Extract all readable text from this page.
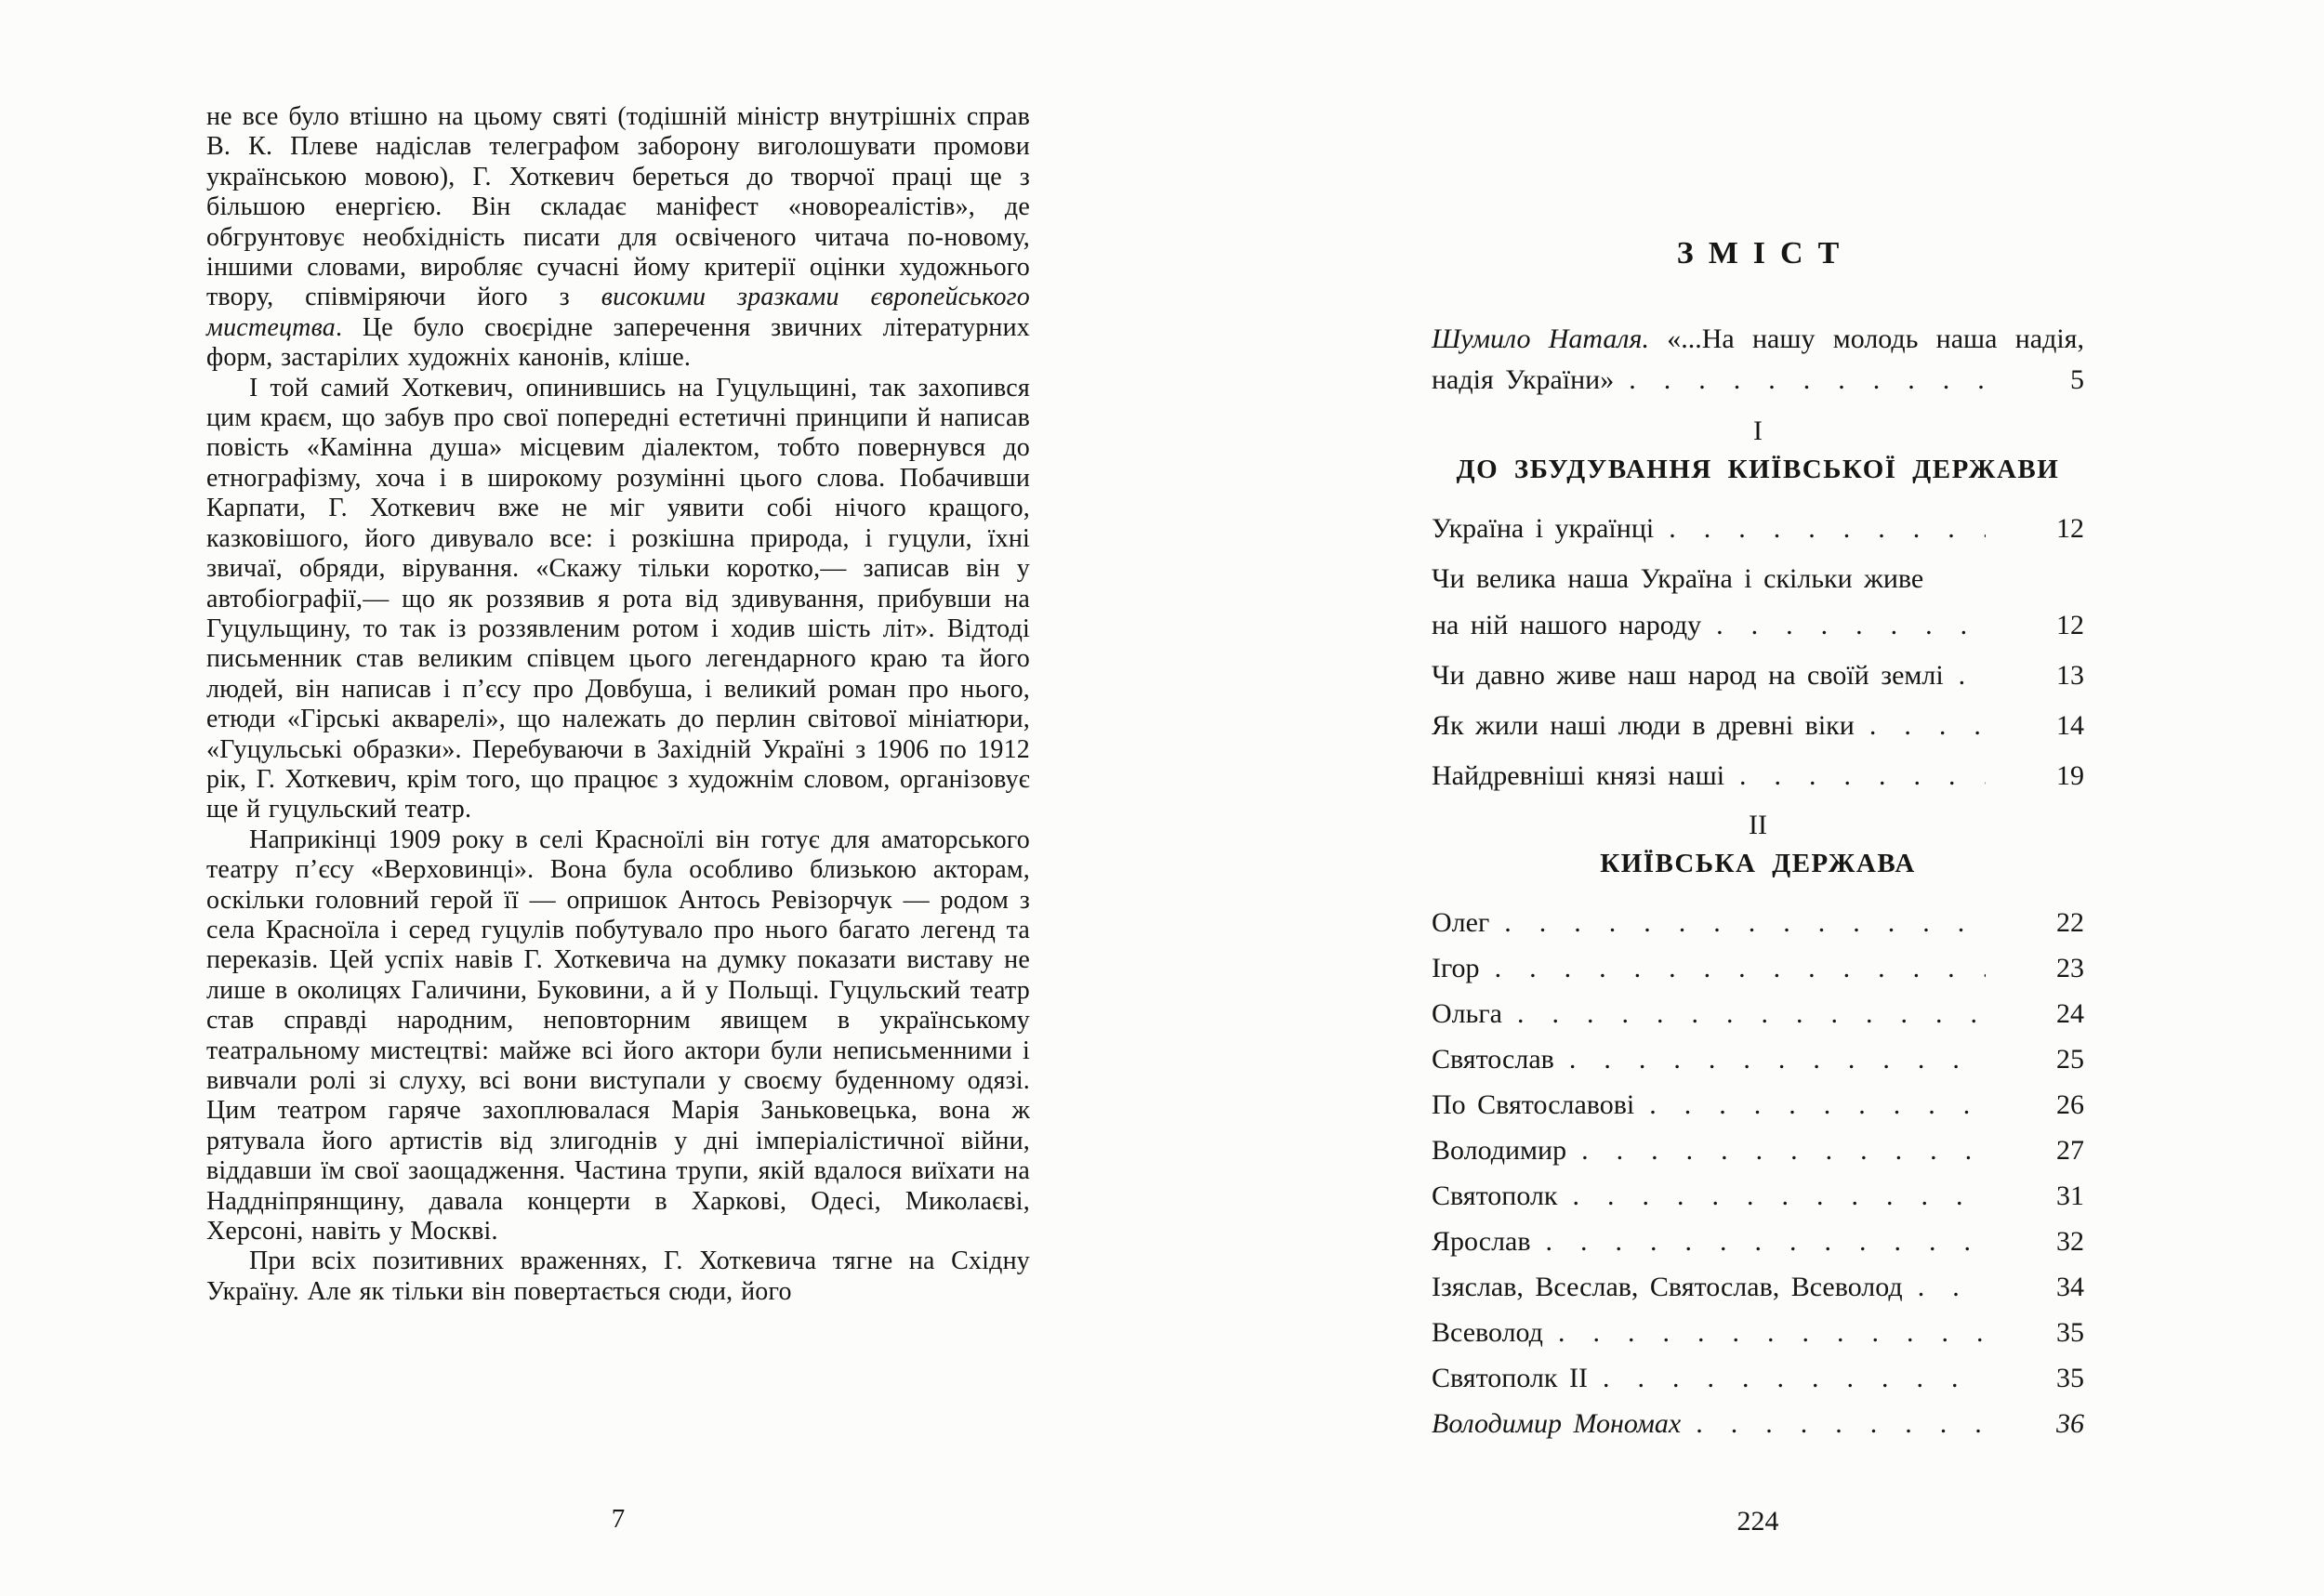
не все було втішно на цьому святі (тодішній міністр внутрішніх справ В. К. Плеве надіслав телеграфом заборону виголошувати промови українською мовою), Г. Хоткевич береться до творчої праці ще з більшою енергією. Він складає маніфест «новореалістів», де обгрунтовує необхідність писати для освіченого читача по-новому, іншими словами, виробляє сучасні йому критерії оцінки художнього твору, співміряючи його з високими зразками європейського мистецтва. Це було своєрідне заперечення звичних літературних форм, застарілих художніх канонів, кліше.

І той самий Хоткевич, опинившись на Гуцульщині, так захопився цим краєм, що забув про свої попередні естетичні принципи й написав повість «Камінна душа» місцевим діалектом, тобто повернувся до етнографізму, хоча і в широкому розумінні цього слова. Побачивши Карпати, Г. Хоткевич вже не міг уявити собі нічого кращого, казковішого, його дивувало все: і розкішна природа, і гуцули, їхні звичаї, обряди, вірування. «Скажу тільки коротко,— записав він у автобіографії,— що як роззявив я рота від здивування, прибувши на Гуцульщину, то так із роззявленим ротом і ходив шість літ». Відтоді письменник став великим співцем цього легендарного краю та його людей, він написав і п’єсу про Довбуша, і великий роман про нього, етюди «Гірські акварелі», що належать до перлин світової мініатюри, «Гуцульські образки». Перебуваючи в Західній Україні з 1906 по 1912 рік, Г. Хоткевич, крім того, що працює з художнім словом, організовує ще й гуцульский театр.

Наприкінці 1909 року в селі Красноїлі він готує для аматорського театру п’єсу «Верховинці». Вона була особливо близькою акторам, оскільки головний герой її — опришок Антось Ревізорчук — родом з села Красноїла і серед гуцулів побутувало про нього багато легенд та переказів. Цей успіх навів Г. Хоткевича на думку показати виставу не лише в околицях Галичини, Буковини, а й у Польщі. Гуцульский театр став справді народним, неповторним явищем в українському театральному мистецтві: майже всі його актори були неписьменними і вивчали ролі зі слуху, всі вони виступали у своєму буденному одязі. Цим театром гаряче захоплювалася Марія Заньковецька, вона ж рятувала його артистів від злигоднів у дні імперіалістичної війни, віддавши їм свої заощадження. Частина трупи, якій вдалося виїхати на Наддніпрянщину, давала концерти в Харкові, Одесі, Миколаєві, Херсоні, навіть у Москві.

При всіх позитивних враженнях, Г. Хоткевича тягне на Східну Україну. Але як тільки він повертається сюди, його

7
ЗМІСТ
Шумило Наталя. «...На нашу молодь наша надія,
надія України» .....	5
І
ДО ЗБУДУВАННЯ КИЇВСЬКОЇ ДЕРЖАВИ
Україна і українці .....	12
Чи велика наша Україна і скільки живе
на ній нашого народу .....	12
Чи давно живе наш народ на своїй землі .....	13
Як жили наші люди в древні віки .....	14
Найдревніші князі наші .....	19
ІІ
КИЇВСЬКА ДЕРЖАВА
Олег .....	22
Ігор .....	23
Ольга .....	24
Святослав .....	25
По Святославові .....	26
Володимир .....	27
Святополк .....	31
Ярослав .....	32
Ізяслав, Всеслав, Святослав, Всеволод .....	34
Всеволод .....	35
Святополк II .....	35
Володимир Мономах .....	36
224
